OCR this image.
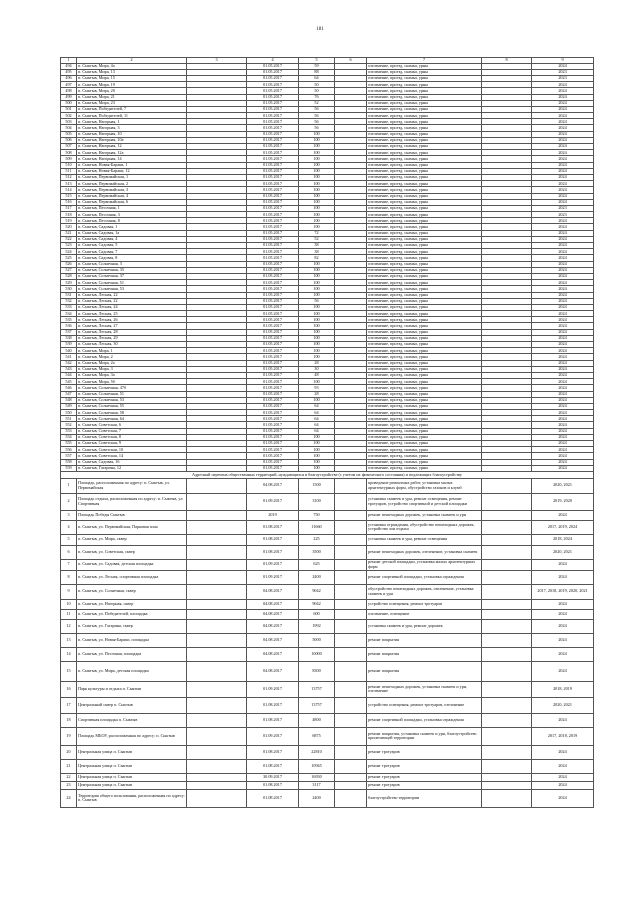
181
1	2	3	4	5	6	7	8	9
494	п. Сыктыв, Мира, 4а		01.05.2017	59		озеленение, проезд, скамьи, урны		2024
495	п. Сыктыв, Мира, 13		01.05.2017	88		озеленение, проезд, скамьи, урны		2023
496	п. Сыктыв, Мира, 15		01.05.2017	64		озеленение, проезд, скамьи, урны		2023
497	п. Сыктыв, Мира, 19		01.05.2017	50		озеленение, проезд, скамьи, урны		2024
498	п. Сыктыв, Мира, 20		01.05.2017	50		озеленение, проезд, скамьи, урны		2024
499	п. Сыктыв, Мира, 21		01.05.2017	76		озеленение, проезд, скамьи, урны		2024
500	п. Сыктыв, Мира, 23		01.05.2017	52		озеленение, проезд, скамьи, урны		2024
501	п. Сыктыв, Победителей, 7		01.05.2017	56		озеленение, проезд, скамьи, урны		2024
502	п. Сыктыв, Победителей, 11		01.05.2017	56		озеленение, проезд, скамьи, урны		2024
503	п. Сыктыв, Нагорная, 1		01.05.2017	56		озеленение, проезд, скамьи, урны		2024
504	п. Сыктыв, Нагорная, 3		01.05.2017	56		озеленение, проезд, скамьи, урны		2024
505	п. Сыктыв, Нагорная, 10		01.05.2017	100		озеленение, проезд, скамьи, урны		2024
506	п. Сыктыв, Нагорная, 10а		01.05.2017	100		озеленение, проезд, скамьи, урны		2024
507	п. Сыктыв, Нагорная, 12		01.05.2017	100		озеленение, проезд, скамьи, урны		2024
508	п. Сыктыв, Нагорная, 12а		01.05.2017	100		озеленение, проезд, скамьи, урны		2024
509	п. Сыктыв, Нагорная, 14		01.05.2017	100		озеленение, проезд, скамьи, урны		2024
510	п. Сыктыв, Новая-Бараки, 1		01.05.2017	100		озеленение, проезд, скамьи, урны		2024
511	п. Сыктыв, Новая-Бараки, 12		01.05.2017	100		озеленение, проезд, скамьи, урны		2024
512	п. Сыктыв, Первомайская, 1		01.05.2017	100		озеленение, проезд, скамьи, урны		2024
513	п. Сыктыв, Первомайская, 2		01.05.2017	100		озеленение, проезд, скамьи, урны		2024
514	п. Сыктыв, Первомайская, 3		01.05.2017	100		озеленение, проезд, скамьи, урны		2024
515	п. Сыктыв, Первомайская, 4		01.05.2017	100		озеленение, проезд, скамьи, урны		2024
516	п. Сыктыв, Первомайская, 6		01.05.2017	100		озеленение, проезд, скамьи, урны		2024
517	п. Сыктыв, Песочная, 1		01.05.2017	100		озеленение, проезд, скамьи, урны		2023
518	п. Сыктыв, Песочная, 3		01.05.2017	100		озеленение, проезд, скамьи, урны		2023
519	п. Сыктыв, Песочная, 8		01.05.2017	100		озеленение, проезд, скамьи, урны		2024
520	п. Сыктыв, Садовая, 1		01.05.2017	100		озеленение, проезд, скамьи, урны		2024
521	п. Сыктыв, Садовая, 1а		01.05.2017	72		озеленение, проезд, скамьи, урны		2024
522	п. Сыктыв, Садовая, 4		01.05.2017	52		озеленение, проезд, скамьи, урны		2024
523	п. Сыктыв, Садовая, 5		01.05.2017	38		озеленение, проезд, скамьи, урны		2024
524	п. Сыктыв, Садовая, 7		01.05.2017	38		озеленение, проезд, скамьи, урны		2024
525	п. Сыктыв, Садовая, 8		01.05.2017	82		озеленение, проезд, скамьи, урны		2024
526	п. Сыктыв, Солнечная, 3		01.05.2017	100		озеленение, проезд, скамьи, урны		2024
527	п. Сыктыв, Солнечная, 35		01.05.2017	100		озеленение, проезд, скамьи, урны		2024
528	п. Сыктыв, Солнечная, 37		01.05.2017	100		озеленение, проезд, скамьи, урны		2024
529	п. Сыктыв, Солнечная, 51		01.05.2017	100		озеленение, проезд, скамьи, урны		2024
530	п. Сыктыв, Солнечная, 53		01.05.2017	100		озеленение, проезд, скамьи, урны		2024
531	п. Сыктыв, Лесная, 22		01.05.2017	100		озеленение, проезд, скамьи, урны		2024
532	п. Сыктыв, Лесная, 22		01.05.2017	56		озеленение, проезд, скамьи, урны		2024
533	п. Сыктыв, Лесная, 24		01.05.2017	100		озеленение, проезд, скамьи, урны		2024
534	п. Сыктыв, Лесная, 25		01.05.2017	100		озеленение, проезд, скамьи, урны		2024
535	п. Сыктыв, Лесная, 26		01.05.2017	100		озеленение, проезд, скамьи, урны		2024
536	п. Сыктыв, Лесная, 27		01.05.2017	100		озеленение, проезд, скамьи, урны		2024
537	п. Сыктыв, Лесная, 28		01.05.2017	100		озеленение, проезд, скамьи, урны		2024
538	п. Сыктыв, Лесная, 29		01.05.2017	100		озеленение, проезд, скамьи, урны		2024
539	п. Сыктыв, Лесная, 30		01.05.2017	100		озеленение, проезд, скамьи, урны		2024
540	п. Сыктыв, Мира, 1		01.05.2017	100		озеленение, проезд, скамьи, урны		2024
541	п. Сыктыв, Мира, 2		01.05.2017	100		озеленение, проезд, скамьи, урны		2024
542	п. Сыктыв, Мира, 2а		01.05.2017	28		озеленение, проезд, скамьи, урны		2024
543	п. Сыктыв, Мира, 3		01.05.2017	30		озеленение, проезд, скамьи, урны		2024
544	п. Сыктыв, Мира, 3а		01.05.2017	48		озеленение, проезд, скамьи, урны		2024
545	п. Сыктыв, Мира, 5б		01.05.2017	100		озеленение, проезд, скамьи, урны		2024
546	п. Сыктыв, Солнечная, 47б		01.05.2017	93		озеленение, проезд, скамьи, урны		2024
547	п. Сыктыв, Солнечная, 51		01.05.2017	28		озеленение, проезд, скамьи, урны		2024
548	п. Сыктыв, Солнечная, 53		01.05.2017	100		озеленение, проезд, скамьи, урны		2024
549	п. Сыктыв, Солнечная, 55		01.05.2017	64		озеленение, проезд, скамьи, урны		2024
550	п. Сыктыв, Солнечная, 58		01.05.2017	64		озеленение, проезд, скамьи, урны		2024
551	п. Сыктыв, Солнечная, 64		01.05.2017	64		озеленение, проезд, скамьи, урны		2024
552	п. Сыктыв, Советская, 6		01.05.2017	64		озеленение, проезд, скамьи, урны		2024
553	п. Сыктыв, Советская, 7		01.05.2017	64		озеленение, проезд, скамьи, урны		2024
554	п. Сыктыв, Советская, 8		01.05.2017	100		озеленение, проезд, скамьи, урны		2024
555	п. Сыктыв, Советская, 9		01.05.2017	100		озеленение, проезд, скамьи, урны		2024
556	п. Сыктыв, Советская, 10		01.05.2017	100		озеленение, проезд, скамьи, урны		2024
557	п. Сыктыв, Советская, 14		01.05.2017	100		озеленение, проезд, скамьи, урны		2024
558	п. Сыктыв, Садовая, 16		01.05.2017	100		озеленение, проезд, скамьи, урны		2024
559	п. Сыктыв, Гагарина, 12		01.05.2017	100		озеленение, проезд, скамьи, урны		2024
Адресный перечень общественных территорий, нуждающихся в благоустройстве (с учетом их физического состояния) и подлежащих благоустройству								
1	Площадь, расположенная по адресу: п. Сыктыв, ул. Первомайская		04.08.2017	1500		проведение ремонтных работ, установка малых архитектурных форм, обустройство газонов и клумб		2020, 2021
2	Площадь отдыха, расположенная по адресу: п. Сыктыв, ул. Спортивная		01.09.2017	3100		установка скамеек и урн, ремонт освещения, ремонт тротуаров, устройство спортивной и детской площадки		2019, 2020
3	Площадь Победы Сыктыв		2019	750		ремонт пешеходных дорожек, установка скамеек и урн		2024
4	п. Сыктыв, ул. Первомайская, Парковая зона		01.08.2017	11660		установка ограждения, обустройство пешеходных дорожек, устройство зон отдыха		2017, 2019, 2024
5	п. Сыктыв, ул. Мира, сквер		01.08.2017	225		установка скамеек и урн, ремонт освещения		2018, 2024
6	п. Сыктыв, ул. Советская, сквер		01.08.2017	3500		ремонт пешеходных дорожек, озеленение, установка скамеек		2020, 2021
7	п. Сыктыв, ул. Садовая, детская площадка		01.09.2017	625		ремонт детской площадки, установка малых архитектурных форм		2024
8	п. Сыктыв, ул. Лесная, спортивная площадка		01.09.2017	2400		ремонт спортивной площадки, установка ограждения		2024
9	п. Сыктыв, ул. Солнечная, сквер		04.08.2017	9042		обустройство пешеходных дорожек, озеленение, установка скамеек и урн		2017, 2018, 2019, 2020, 2021
10	п. Сыктыв, ул. Нагорная, сквер		04.08.2017	9042		устройство освещения, ремонт тротуаров		2024
11	п. Сыктыв, ул. Победителей, площадка		04.08.2017	600		озеленение, освещение		2024
12	п. Сыктыв, ул. Гагарина, сквер		04.08.2017	1992		установка скамеек и урн, ремонт дорожек		2024
13	п. Сыктыв, ул. Новая-Бараки, площадка		04.08.2017	5000		ремонт покрытия		2024
14	п. Сыктыв, ул. Песочная, площадка		04.08.2017	10000		ремонт покрытия		2024
15	п. Сыктыв, ул. Мира, детская площадка		04.08.2017	8300		ремонт покрытия		2024
16	Парк культуры и отдыха п. Сыктыв		01.09.2017	13757		ремонт пешеходных дорожек, установка скамеек и урн, озеленение		2018, 2019
17	Центральный сквер п. Сыктыв		01.08.2017	13757		устройство освещения, ремонт тротуаров, озеленение		2020, 2021
18	Спортивная площадка п. Сыктыв		01.08.2017	4800		ремонт спортивной площадки, установка ограждения		2024
19	Площадь МБОУ, расположенная по адресу: п. Сыктыв		01.09.2017	6875		ремонт покрытия, установка скамеек и урн, благоустройство прилегающей территории		2017, 2018, 2019
20	Центральная улица п. Сыктыв		01.08.2017	22810		ремонт тротуаров		2024
21	Центральная улица п. Сыктыв		01.08.2017	10945		ремонт тротуаров		2024
22	Центральная улица п. Сыктыв		30.09.2017	16930		ремонт тротуаров		2024
23	Центральная улица п. Сыктыв		01.08.2017	3117		ремонт тротуаров		2024
24	Территория общего пользования, расположенная по адресу: п. Сыктыв		01.08.2017	2400		благоустройство территории		2024
